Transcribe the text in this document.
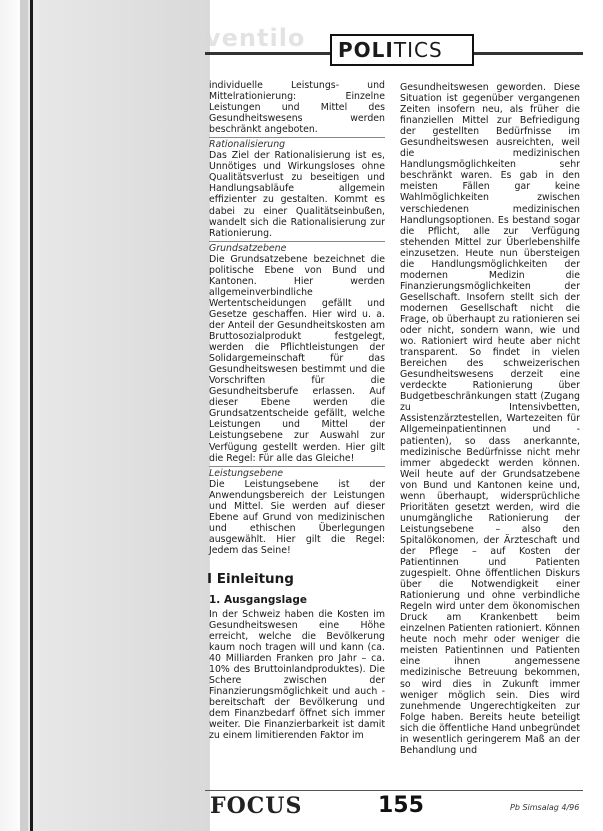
ventilo	POLI TICS

individuelle Leistungs- und Mittelrationierung: Einzelne Leistungen und Mittel des Gesundheitswesens werden beschränkt angeboten.

Rationalisierung

Das Ziel der Rationalisierung ist es, Unnötiges und Wirkungsloses ohne Qualitätsverlust zu beseitigen und Handlungsabläufe allgemein effizienter zu gestalten. Kommt es dabei zu einer Qualitätseinbußen, wandelt sich die Rationalisierung zur Rationierung.

Grundsatzebene

Die Grundsatzebene bezeichnet die politische Ebene von Bund und Kantonen. Hier werden allgemeinverbindliche Wertentscheidungen gefällt und Gesetze geschaffen. Hier wird u. a. der Anteil der Gesundheitskosten am Bruttosozialprodukt festgelegt, werden die Pflichtleistungen der Solidargemeinschaft für das Gesundheitswesen bestimmt und die Vorschriften für die Gesundheitsberufe erlassen. Auf dieser Ebene werden die Grundsatzentscheide gefällt, welche Leistungen und Mittel der Leistungsebene zur Auswahl zur Verfügung gestellt werden. Hier gilt die Regel: Für alle das Gleiche!

Leistungsebene

Die Leistungsebene ist der Anwendungsbereich der Leistungen und Mittel. Sie werden auf dieser Ebene auf Grund von medizinischen und ethischen Überlegungen ausgewählt. Hier gilt die Regel: Jedem das Seine!

I Einleitung
1. Ausgangslage

In der Schweiz haben die Kosten im Gesundheitswesen eine Höhe erreicht, welche die Bevölkerung kaum noch tragen will und kann (ca. 40 Milliarden Franken pro Jahr – ca. 10% des Bruttoinlandproduktes). Die Schere zwischen der Finanzierungsmöglichkeit und auch -bereitschaft der Bevölkerung und dem Finanzbedarf öffnet sich immer weiter. Die Finanzierbarkeit ist damit zu einem limitierenden Faktor im

Gesundheitswesen geworden. Diese Situation ist gegenüber vergangenen Zeiten insofern neu, als früher die finanziellen Mittel zur Befriedigung der gestellten Bedürfnisse im Gesundheitswesen ausreichten, weil die medizinischen Handlungsmöglichkeiten sehr beschränkt waren. Es gab in den meisten Fällen gar keine Wahlmöglichkeiten zwischen verschiedenen medizinischen Handlungsoptionen. Es bestand sogar die Pflicht, alle zur Verfügung stehenden Mittel zur Überlebenshilfe einzusetzen. Heute nun übersteigen die Handlungsmöglichkeiten der modernen Medizin die Finanzierungsmöglichkeiten der Gesellschaft. Insofern stellt sich der modernen Gesellschaft nicht die Frage, ob überhaupt zu rationieren sei oder nicht, sondern wann, wie und wo. Rationiert wird heute aber nicht transparent. So findet in vielen Bereichen des schweizerischen Gesundheitswesens derzeit eine verdeckte Rationierung über Budgetbeschränkungen statt (Zugang zu Intensivbetten, Assistenzärztestellen, Wartezeiten für Allgemeinpatientinnen und -patienten), so dass anerkannte, medizinische Bedürfnisse nicht mehr immer abgedeckt werden können. Weil heute auf der Grundsatzebene von Bund und Kantonen keine und, wenn überhaupt, widersprüchliche Prioritäten gesetzt werden, wird die unumgängliche Rationierung der Leistungsebene – also den Spitalökonomen, der Ärzteschaft und der Pflege – auf Kosten der Patientinnen und Patienten zugespielt. Ohne öffentlichen Diskurs über die Notwendigkeit einer Rationierung und ohne verbindliche Regeln wird unter dem ökonomischen Druck am Krankenbett beim einzelnen Patienten rationiert. Können heute noch mehr oder weniger die meisten Patientinnen und Patienten eine ihnen angemessene medizinische Betreuung bekommen, so wird dies in Zukunft immer weniger möglich sein. Dies wird zunehmende Ungerechtigkeiten zur Folge haben. Bereits heute beteiligt sich die öffentliche Hand unbegründet in wesentlich geringerem Maß an der Behandlung und

FOCUS	155	Pb Simsalag 4/96
